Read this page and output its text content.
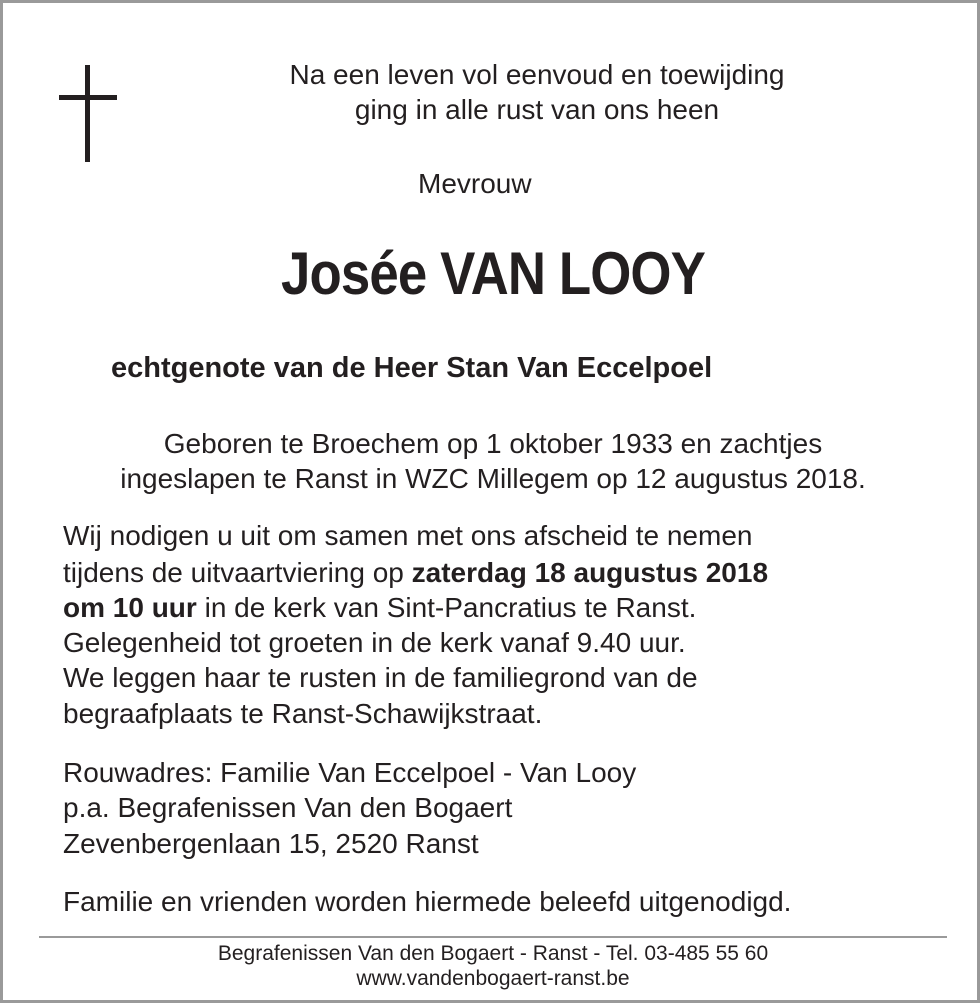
Na een leven vol eenvoud en toewijding
ging in alle rust van ons heen
Mevrouw
Josée VAN LOOY
echtgenote van de Heer Stan Van Eccelpoel
Geboren te Broechem op 1 oktober 1933 en zachtjes
ingeslapen te Ranst in WZC Millegem op 12 augustus 2018.
Wij nodigen u uit om samen met ons afscheid te nemen
tijdens de uitvaartviering op zaterdag 18 augustus 2018
om 10 uur in de kerk van Sint-Pancratius te Ranst.
Gelegenheid tot groeten in de kerk vanaf 9.40 uur.
We leggen haar te rusten in de familiegrond van de
begraafplaats te Ranst-Schawijkstraat.
Rouwadres: Familie Van Eccelpoel - Van Looy
p.a. Begrafenissen Van den Bogaert
Zevenbergenlaan 15, 2520 Ranst
Familie en vrienden worden hiermede beleefd uitgenodigd.
Begrafenissen Van den Bogaert - Ranst - Tel. 03-485 55 60
www.vandenbogaert-ranst.be
